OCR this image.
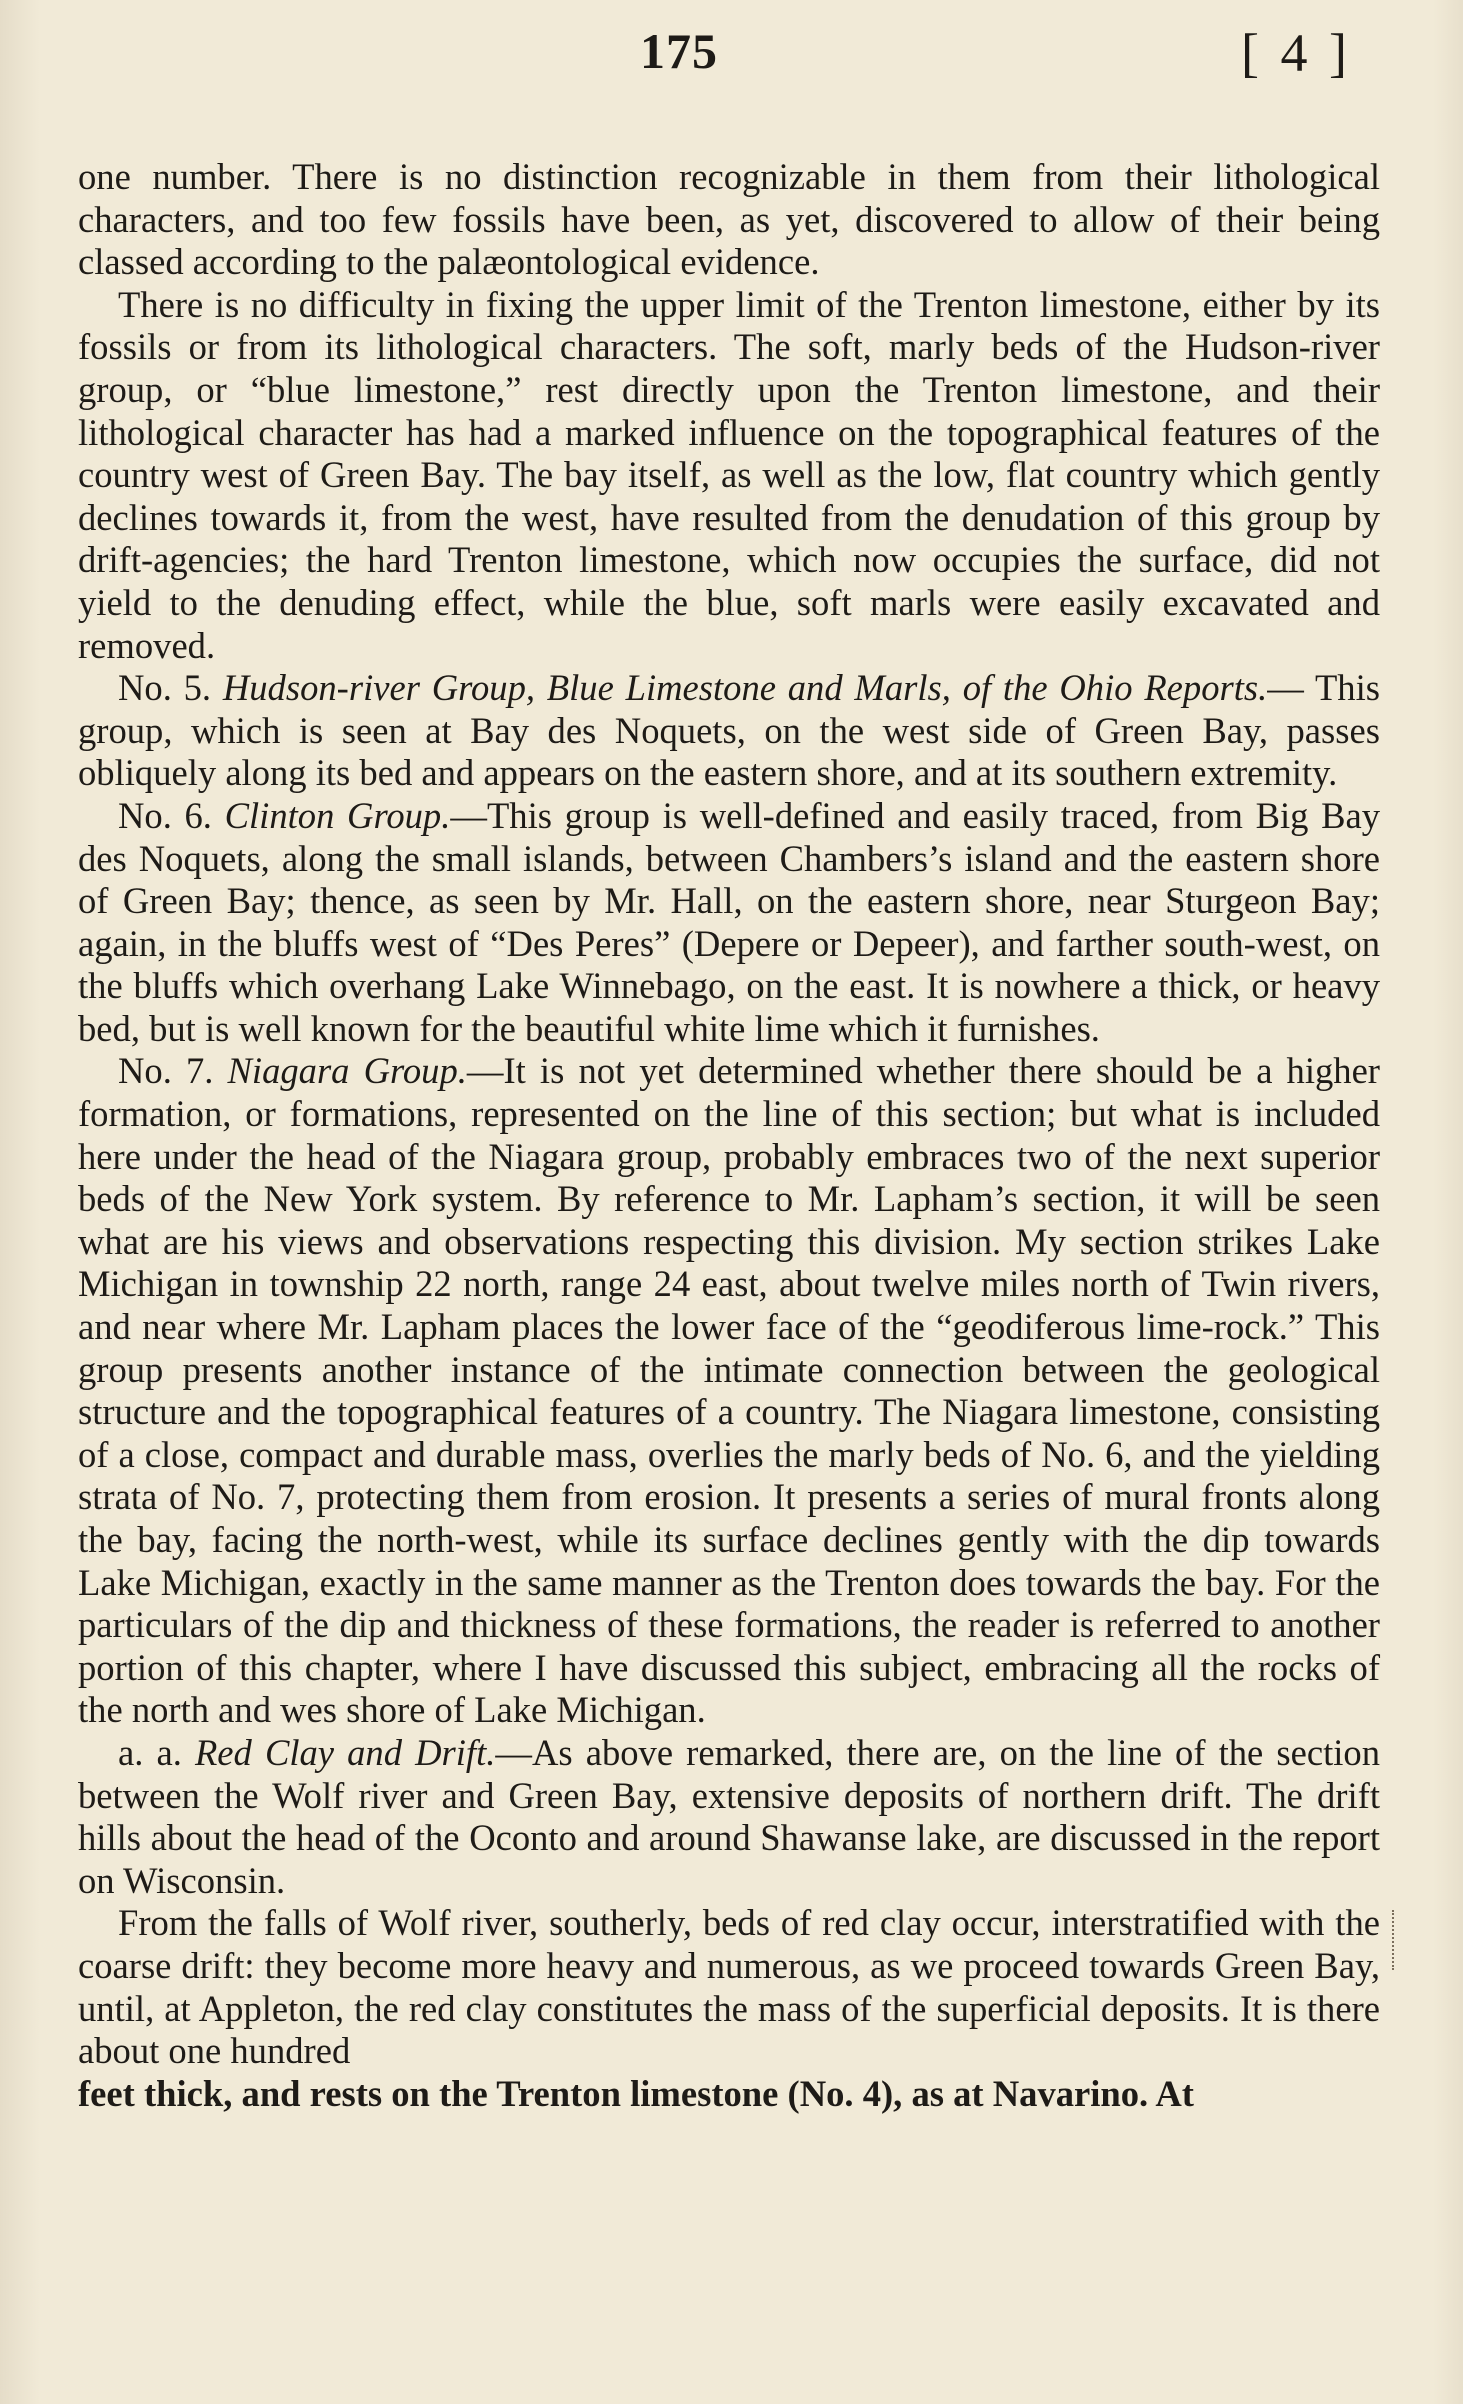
175	[ 4 ]

one number. There is no distinction recognizable in them from their lithological characters, and too few fossils have been, as yet, discovered to allow of their being classed according to the palæontological evidence.

There is no difficulty in fixing the upper limit of the Trenton limestone, either by its fossils or from its lithological characters. The soft, marly beds of the Hudson-river group, or “blue limestone,” rest directly upon the Trenton limestone, and their lithological character has had a marked influence on the topographical features of the country west of Green Bay. The bay itself, as well as the low, flat country which gently declines towards it, from the west, have resulted from the denudation of this group by drift-agencies; the hard Trenton limestone, which now occupies the surface, did not yield to the denuding effect, while the blue, soft marls were easily excavated and removed.

No. 5. Hudson-river Group, Blue Limestone and Marls, of the Ohio Reports.— This group, which is seen at Bay des Noquets, on the west side of Green Bay, passes obliquely along its bed and appears on the eastern shore, and at its southern extremity.

No. 6. Clinton Group.—This group is well-defined and easily traced, from Big Bay des Noquets, along the small islands, between Chambers’s island and the eastern shore of Green Bay; thence, as seen by Mr. Hall, on the eastern shore, near Sturgeon Bay; again, in the bluffs west of “Des Peres” (Depere or Depeer), and farther south-west, on the bluffs which overhang Lake Winnebago, on the east. It is nowhere a thick, or heavy bed, but is well known for the beautiful white lime which it furnishes.

No. 7. Niagara Group.—It is not yet determined whether there should be a higher formation, or formations, represented on the line of this section; but what is included here under the head of the Niagara group, probably embraces two of the next superior beds of the New York system. By reference to Mr. Lapham’s section, it will be seen what are his views and observations respecting this division. My section strikes Lake Michigan in township 22 north, range 24 east, about twelve miles north of Twin rivers, and near where Mr. Lapham places the lower face of the “geodiferous lime-rock.” This group presents another instance of the intimate connection between the geological structure and the topographical features of a country. The Niagara limestone, consisting of a close, compact and durable mass, overlies the marly beds of No. 6, and the yielding strata of No. 7, protecting them from erosion. It presents a series of mural fronts along the bay, facing the north-west, while its surface declines gently with the dip towards Lake Michigan, exactly in the same manner as the Trenton does towards the bay. For the particulars of the dip and thickness of these formations, the reader is referred to another portion of this chapter, where I have discussed this subject, embracing all the rocks of the north and wes shore of Lake Michigan.

a. a. Red Clay and Drift.—As above remarked, there are, on the line of the section between the Wolf river and Green Bay, extensive deposits of northern drift. The drift hills about the head of the Oconto and around Shawanse lake, are discussed in the report on Wisconsin.

From the falls of Wolf river, southerly, beds of red clay occur, interstratified with the coarse drift: they become more heavy and numerous, as we proceed towards Green Bay, until, at Appleton, the red clay constitutes the mass of the superficial deposits. It is there about one hundred

feet thick, and rests on the Trenton limestone (No. 4), as at Navarino. At
